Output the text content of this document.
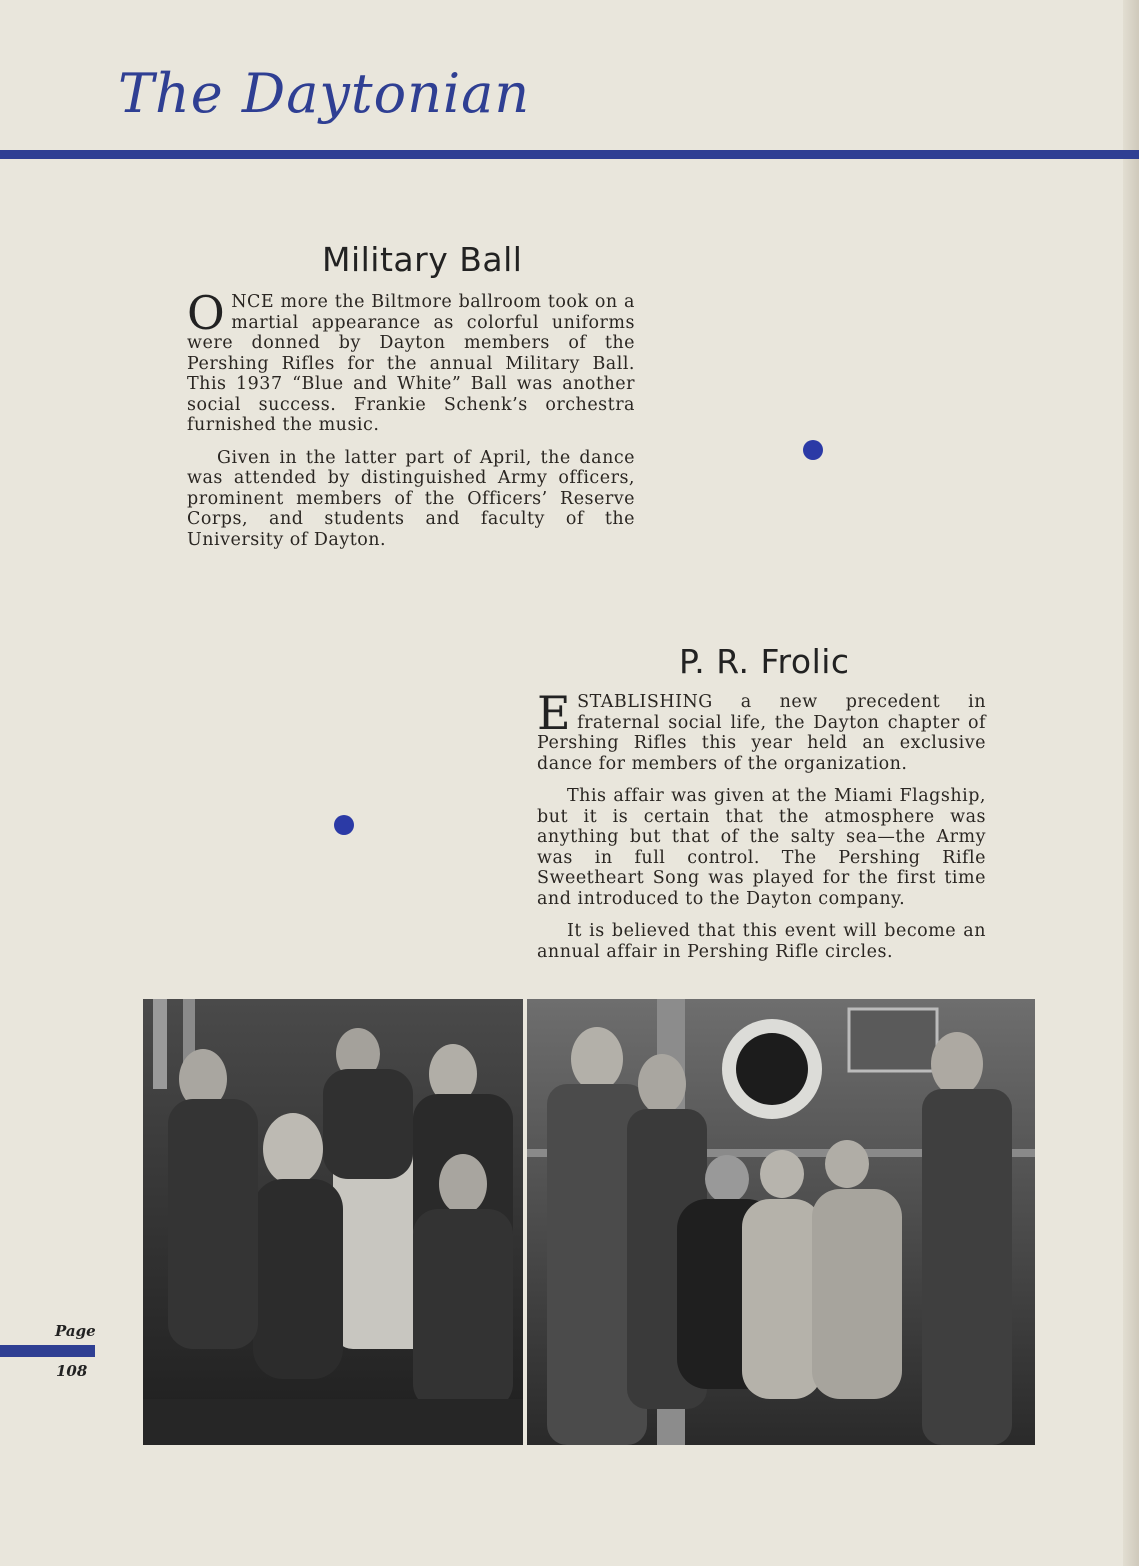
The Daytonian
Military Ball

ONCE more the Biltmore ballroom took on a martial appearance as colorful uniforms were donned by Dayton members of the Pershing Rifles for the annual Military Ball. This 1937 “Blue and White” Ball was another social success. Frankie Schenk’s orchestra furnished the music.

Given in the latter part of April, the dance was attended by distinguished Army officers, prominent members of the Officers’ Reserve Corps, and students and faculty of the University of Dayton.

P. R. Frolic

ESTABLISHING a new precedent in fraternal social life, the Dayton chapter of Pershing Rifles this year held an exclusive dance for members of the organization.

This affair was given at the Miami Flagship, but it is certain that the atmosphere was anything but that of the salty sea—the Army was in full control. The Pershing Rifle Sweetheart Song was played for the first time and introduced to the Dayton company.

It is believed that this event will become an annual affair in Pershing Rifle circles.

Page
108
